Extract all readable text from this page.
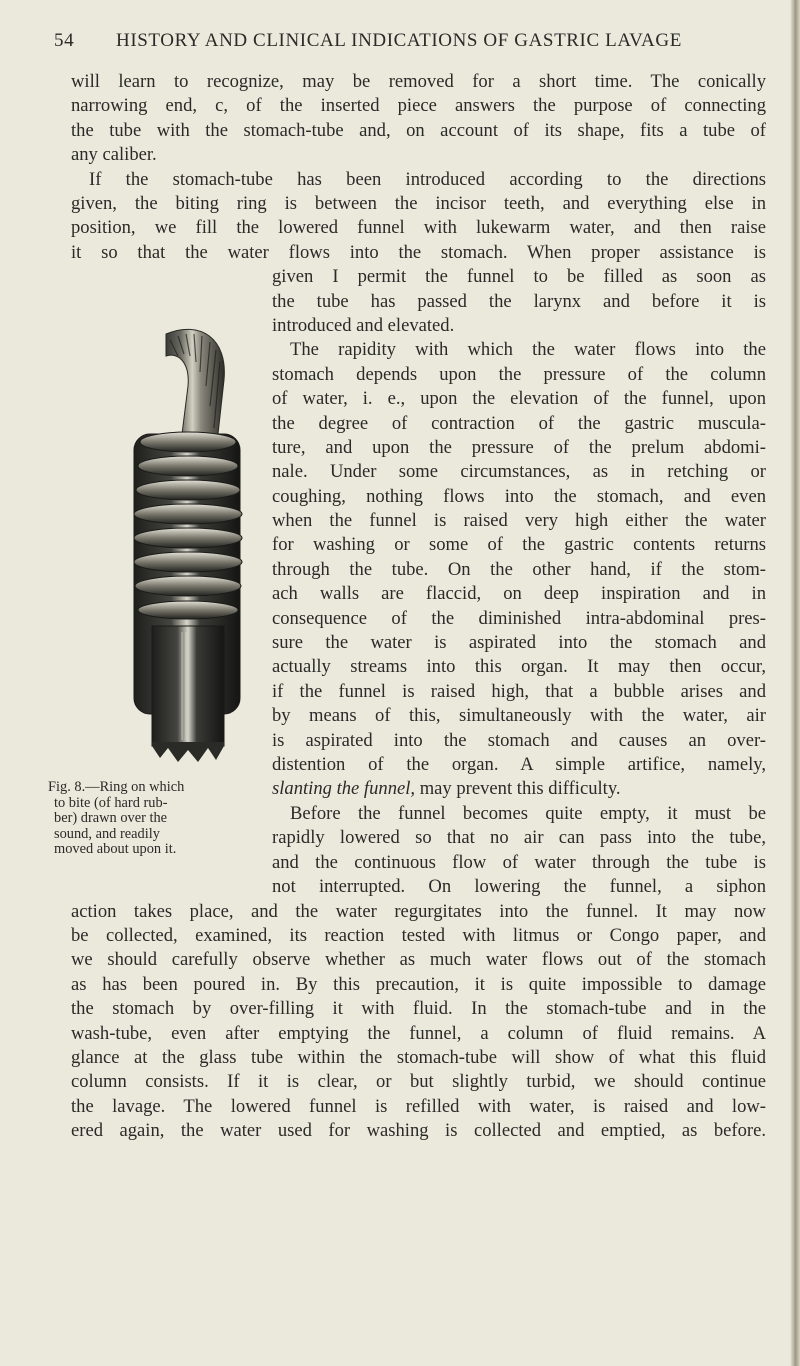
54 HISTORY AND CLINICAL INDICATIONS OF GASTRIC LAVAGE
will learn to recognize, may be removed for a short time. The conically
narrowing end, c, of the inserted piece answers the purpose of connecting
the tube with the stomach-tube and, on account of its shape, fits a tube of
any caliber.
If the stomach-tube has been introduced according to the directions
given, the biting ring is between the incisor teeth, and everything else in
position, we fill the lowered funnel with lukewarm water, and then raise
it so that the water flows into the stomach. When proper assistance is
given I permit the funnel to be filled as soon as
the tube has passed the larynx and before it is
introduced and elevated.
The rapidity with which the water flows into the
stomach depends upon the pressure of the column
of water, i. e., upon the elevation of the funnel, upon
the degree of contraction of the gastric muscula-
ture, and upon the pressure of the prelum abdomi-
nale. Under some circumstances, as in retching or
coughing, nothing flows into the stomach, and even
when the funnel is raised very high either the water
for washing or some of the gastric contents returns
through the tube. On the other hand, if the stom-
ach walls are flaccid, on deep inspiration and in
consequence of the diminished intra-abdominal pres-
sure the water is aspirated into the stomach and
actually streams into this organ. It may then occur,
if the funnel is raised high, that a bubble arises and
by means of this, simultaneously with the water, air
is aspirated into the stomach and causes an over-
distention of the organ. A simple artifice, namely,
slanting the funnel, may prevent this difficulty.
Before the funnel becomes quite empty, it must be
rapidly lowered so that no air can pass into the tube,
and the continuous flow of water through the tube is
not interrupted. On lowering the funnel, a siphon
action takes place, and the water regurgitates into the funnel. It may now
be collected, examined, its reaction tested with litmus or Congo paper, and
we should carefully observe whether as much water flows out of the stomach
as has been poured in. By this precaution, it is quite impossible to damage
the stomach by over-filling it with fluid. In the stomach-tube and in the
wash-tube, even after emptying the funnel, a column of fluid remains. A
glance at the glass tube within the stomach-tube will show of what this fluid
column consists. If it is clear, or but slightly turbid, we should continue
the lavage. The lowered funnel is refilled with water, is raised and low-
ered again, the water used for washing is collected and emptied, as before.
Fig. 8.—Ring on which
to bite (of hard rub-
ber) drawn over the
sound, and readily
moved about upon it.
